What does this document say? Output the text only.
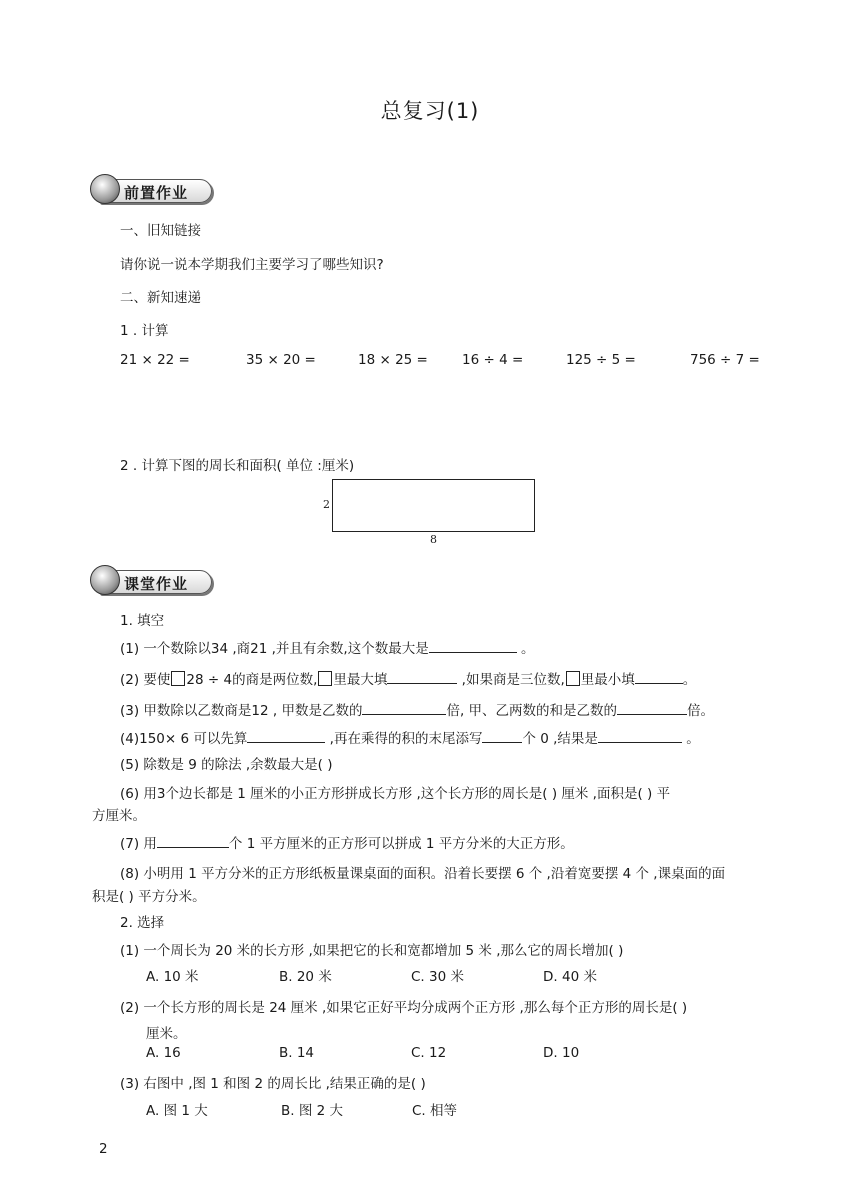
总复习(1)
前置作业
一、旧知链接
请你说一说本学期我们主要学习了哪些知识?
二、新知速递
1 . 计算
21 × 22 =	35 × 20 =	18 × 25 =	16 ÷ 4 =	125 ÷ 5 =	756 ÷ 7 =
2 . 计算下图的周长和面积( 单位 :厘米)
2
8
课堂作业
1. 填空
(1) 一个数除以34 ,商21 ,并且有余数,这个数最大是	。
(2) 要使 28 ÷ 4的商是两位数, 里最大填	,如果商是三位数, 里最小填	。
(3) 甲数除以乙数商是12 , 甲数是乙数的	倍, 甲、乙两数的和是乙数的	倍。
(4)150× 6 可以先算	,再在乘得的积的末尾添写	个 0 ,结果是	。
(5) 除数是 9 的除法 ,余数最大是( )
(6) 用3个边长都是 1 厘米的小正方形拼成长方形 ,这个长方形的周长是( ) 厘米 ,面积是( ) 平
方厘米。
(7) 用	个 1 平方厘米的正方形可以拼成 1 平方分米的大正方形。
(8) 小明用 1 平方分米的正方形纸板量课桌面的面积。沿着长要摆 6 个 ,沿着宽要摆 4 个 ,课桌面的面
积是( ) 平方分米。
2. 选择
(1) 一个周长为 20 米的长方形 ,如果把它的长和宽都增加 5 米 ,那么它的周长增加( )
A. 10 米	B. 20 米	C. 30 米	D. 40 米
(2) 一个长方形的周长是 24 厘米 ,如果它正好平均分成两个正方形 ,那么每个正方形的周长是( )
厘米。
A. 16	B. 14	C. 12	D. 10
(3) 右图中 ,图 1 和图 2 的周长比 ,结果正确的是( )
A. 图 1 大	B. 图 2 大	C. 相等
2
